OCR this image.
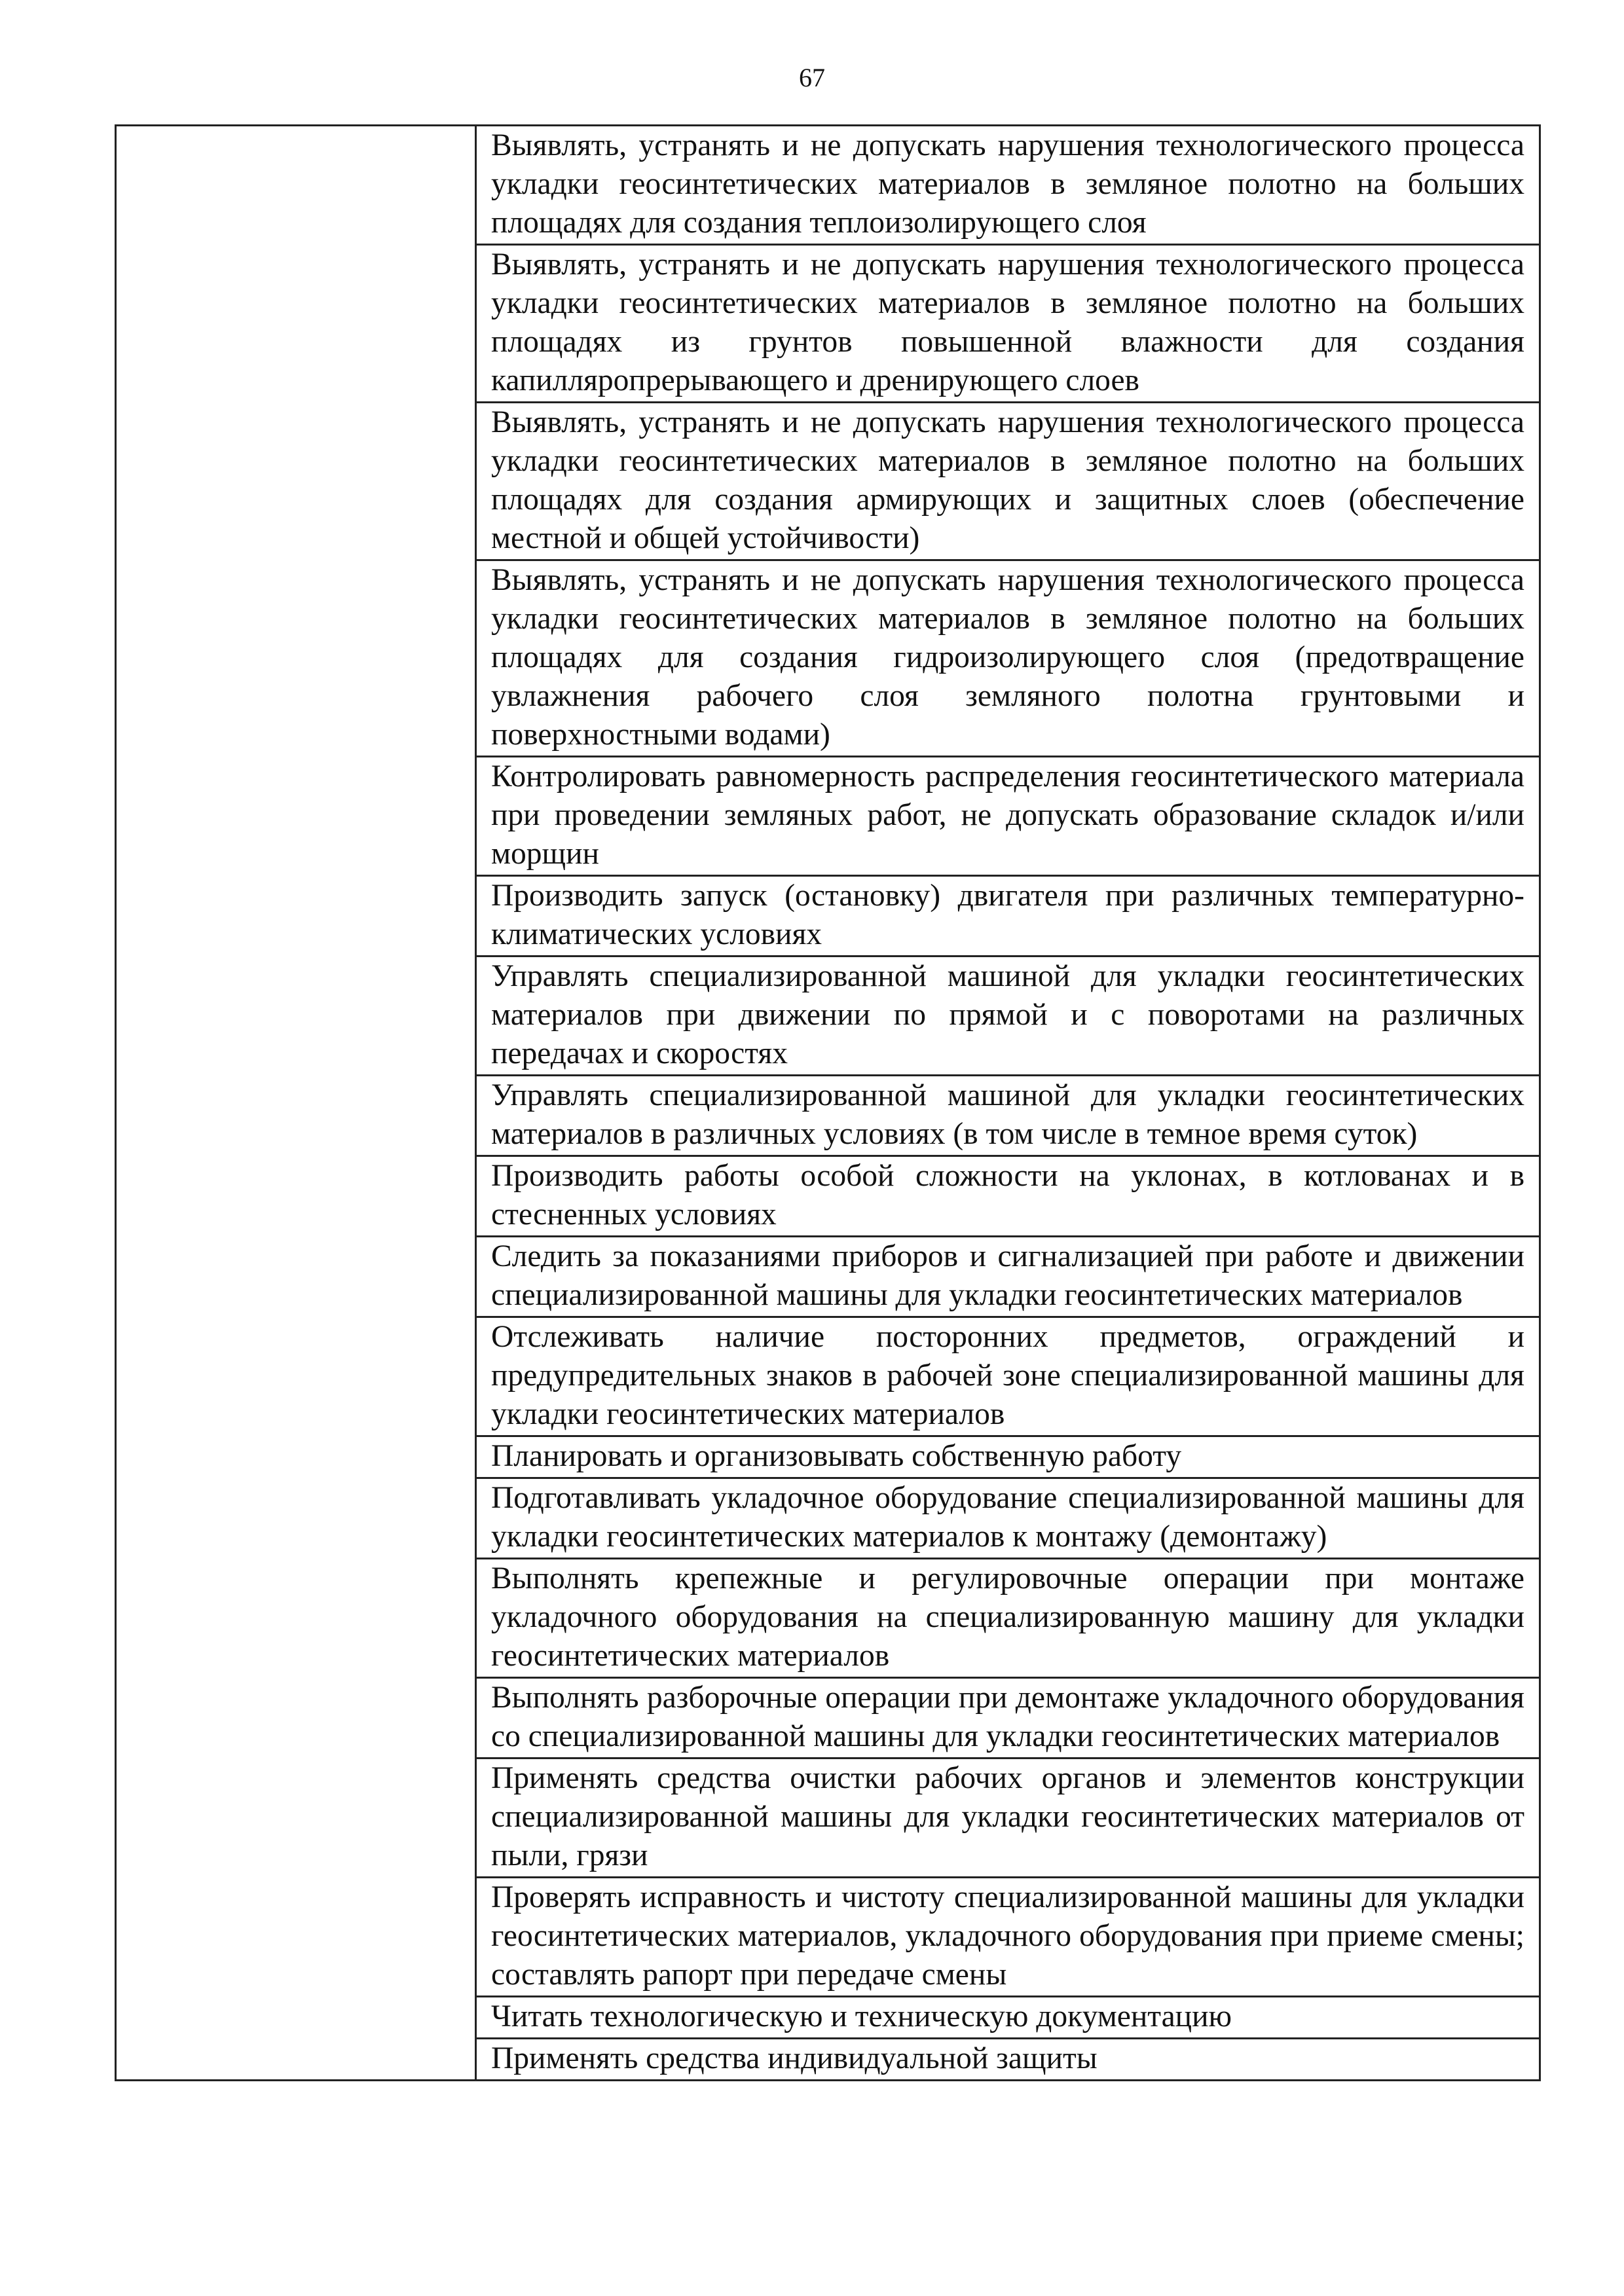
67

Выявлять, устранять и не допускать нарушения технологического процесса укладки геосинтетических материалов в земляное полотно на больших площадях для создания теплоизолирующего слоя

Выявлять, устранять и не допускать нарушения технологического процесса укладки геосинтетических материалов в земляное полотно на больших площадях из грунтов повышенной влажности для создания капилляропрерывающего и дренирующего слоев

Выявлять, устранять и не допускать нарушения технологического процесса укладки геосинтетических материалов в земляное полотно на больших площадях для создания армирующих и защитных слоев (обеспечение местной и общей устойчивости)

Выявлять, устранять и не допускать нарушения технологического процесса укладки геосинтетических материалов в земляное полотно на больших площадях для создания гидроизолирующего слоя (предотвращение увлажнения рабочего слоя земляного полотна грунтовыми и поверхностными водами)

Контролировать равномерность распределения геосинтетического материала при проведении земляных работ, не допускать образование складок и/или морщин

Производить запуск (остановку) двигателя при различных температурно-климатических условиях

Управлять специализированной машиной для укладки геосинтетических материалов при движении по прямой и с поворотами на различных передачах и скоростях

Управлять специализированной машиной для укладки геосинтетических материалов в различных условиях (в том числе в темное время суток)

Производить работы особой сложности на уклонах, в котлованах и в стесненных условиях

Следить за показаниями приборов и сигнализацией при работе и движении специализированной машины для укладки геосинтетических материалов

Отслеживать наличие посторонних предметов, ограждений и предупредительных знаков в рабочей зоне специализированной машины для укладки геосинтетических материалов

Планировать и организовывать собственную работу

Подготавливать укладочное оборудование специализированной машины для укладки геосинтетических материалов к монтажу (демонтажу)

Выполнять крепежные и регулировочные операции при монтаже укладочного оборудования на специализированную машину для укладки геосинтетических материалов

Выполнять разборочные операции при демонтаже укладочного оборудования со специализированной машины для укладки геосинтетических материалов

Применять средства очистки рабочих органов и элементов конструкции специализированной машины для укладки геосинтетических материалов от пыли, грязи

Проверять исправность и чистоту специализированной машины для укладки геосинтетических материалов, укладочного оборудования при приеме смены; составлять рапорт при передаче смены

Читать технологическую и техническую документацию

Применять средства индивидуальной защиты
